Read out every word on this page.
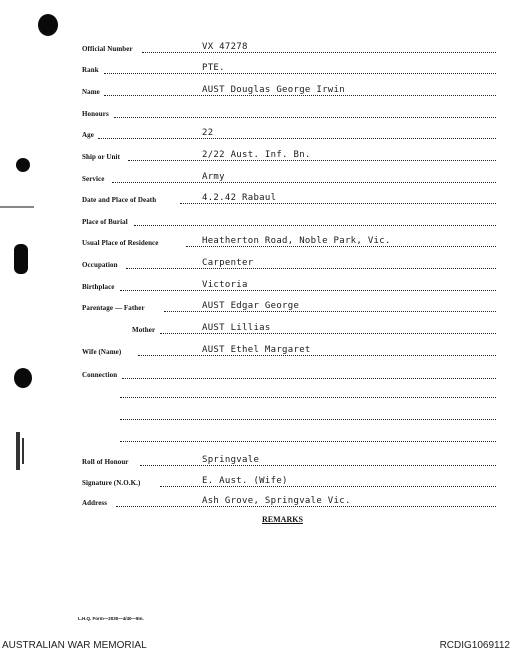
Official Number	VX 47278
Rank	PTE.
Name	AUST Douglas George Irwin
Honours
Age	22
Ship or Unit	2/22 Aust. Inf. Bn.
Service	Army
Date and Place of Death	4.2.42 Rabaul
Place of Burial
Usual Place of Residence	Heatherton Road, Noble Park, Vic.
Occupation	Carpenter
Birthplace	Victoria
Parentage — Father	AUST Edgar George
Mother	AUST Lillias
Wife (Name)	AUST Ethel Margaret
Connection
Roll of Honour	Springvale
Signature (N.O.K.)	E. Aust. (Wife)
Address	Ash Grove, Springvale Vic.
REMARKS
L.H.Q. Form—2030—4/40—8m.
AUSTRALIAN WAR MEMORIAL	RCDIG1069112
